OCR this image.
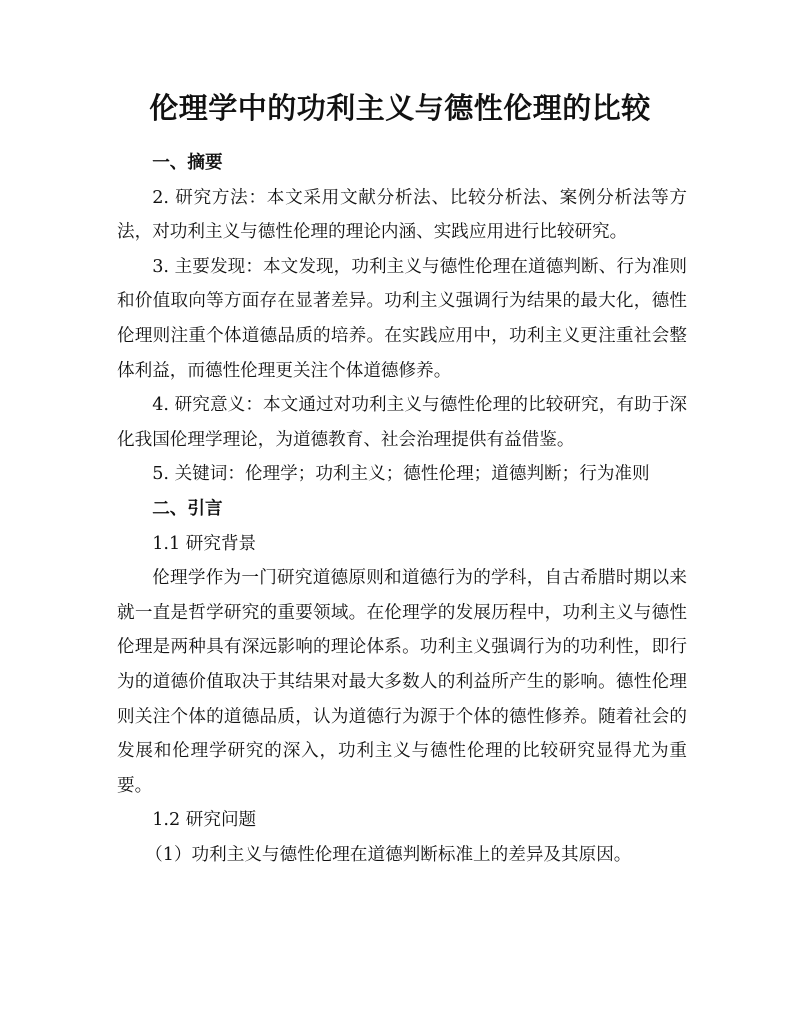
伦理学中的功利主义与德性伦理的比较

一、摘要

2. 研究方法：本文采用文献分析法、比较分析法、案例分析法等方法，对功利主义与德性伦理的理论内涵、实践应用进行比较研究。

3. 主要发现：本文发现，功利主义与德性伦理在道德判断、行为准则和价值取向等方面存在显著差异。功利主义强调行为结果的最大化，德性伦理则注重个体道德品质的培养。在实践应用中，功利主义更注重社会整体利益，而德性伦理更关注个体道德修养。

4. 研究意义：本文通过对功利主义与德性伦理的比较研究，有助于深化我国伦理学理论，为道德教育、社会治理提供有益借鉴。

5. 关键词：伦理学；功利主义；德性伦理；道德判断；行为准则

二、引言

1.1 研究背景

伦理学作为一门研究道德原则和道德行为的学科，自古希腊时期以来就一直是哲学研究的重要领域。在伦理学的发展历程中，功利主义与德性伦理是两种具有深远影响的理论体系。功利主义强调行为的功利性，即行为的道德价值取决于其结果对最大多数人的利益所产生的影响。德性伦理则关注个体的道德品质，认为道德行为源于个体的德性修养。随着社会的发展和伦理学研究的深入，功利主义与德性伦理的比较研究显得尤为重要。

1.2 研究问题

（1）功利主义与德性伦理在道德判断标准上的差异及其原因。
